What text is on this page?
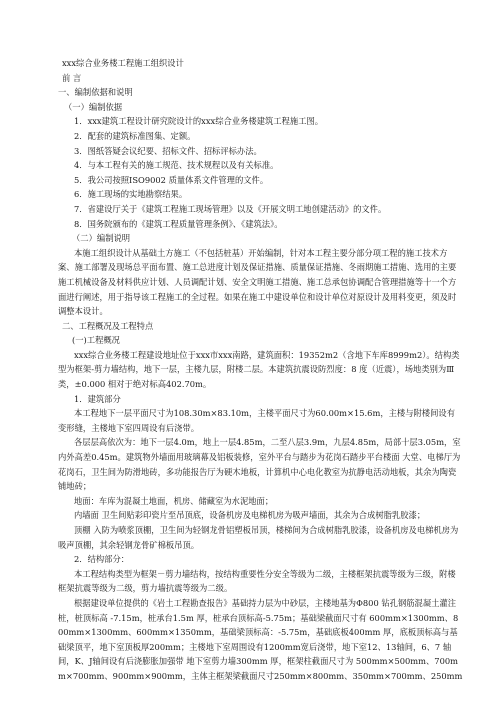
xxx综合业务楼工程施工组织设计

前 言

一、编制依据和说明

（一）编制依据

1．xxx建筑工程设计研究院设计的xxx综合业务楼建筑工程施工图。

2．配套的建筑标准图集、定额。

3．图纸答疑会议纪要、招标文件、招标评标办法。

4．与本工程有关的施工规范、技术规程以及有关标准。

5．我公司按照ISO9002 质量体系文件管理的文件。

6．施工现场的实地勘察结果。

7．省建设厅关于《建筑工程施工现场管理》以及《开展文明工地创建活动》的文件。

8．国务院颁布的《建筑工程质量管理条例》、《建筑法》。

（二）编制说明

本施工组织设计从基础土方施工（不包括桩基）开始编制，针对本工程主要分部分项工程的施工技术方案、施工部署及现场总平面布置、施工总进度计划及保证措施、质量保证措施、冬雨期施工措施、选用的主要施工机械设备及材料供应计划、人员调配计划、安全文明施工措施、施工总承包协调配合管理措施等十一个方面进行阐述，用于指导该工程施工的全过程。如果在施工中建设单位和设计单位对原设计及用料变更，须及时调整本设计。

二、工程概况及工程特点

(一)工程概况

xxx综合业务楼工程建设地址位于xxx市xxx南路，建筑面积：19352m2（含地下车库8999m2）。结构类型为框架-剪力墙结构，地下一层，主楼九层，附楼二层。本建筑抗震设防烈度：8 度（近震），场地类别为Ⅲ类，±0.000 相对于绝对标高402.70m。

1．建筑部分

本工程地下一层平面尺寸为108.30m×83.10m，主楼平面尺寸为60.00m×15.6m，主楼与附楼间设有变形缝，主楼地下室四周设有后浇带。

各层层高依次为：地下一层4.0m，地上一层4.85m，二至八层3.9m，九层4.85m，局部十层3.05m，室内外高差0.45m。建筑物外墙面用玻璃幕及铝板装修，室外平台与踏步为花岗石踏步平台楼面 大堂、电梯厅为花岗石，卫生间为防滑地砖，多功能报告厅为硬木地板，计算机中心电化教室为抗静电活动地板，其余为陶瓷铺地砖；

地面：车库为混凝土地面，机房、储藏室为水泥地面；

内墙面 卫生间贴彩印瓷片至吊顶底，设备机房及电梯机房为吸声墙面，其余为合成树脂乳胶漆；

顶棚 入防为喷浆顶棚，卫生间为轻钢龙骨铝塑板吊顶，楼梯间为合成树脂乳胶漆，设备机房及电梯机房为吸声顶棚，其余轻钢龙骨矿棉板吊顶。

2．结构部分：

本工程结构类型为框架－剪力墙结构，按结构重要性分安全等级为二级，主楼框架抗震等级为三级，附楼框架抗震等级为二级，剪力墙抗震等级为二级。

根据建设单位提供的《岩土工程勘查报告》基础持力层为中砂层，主楼地基为Φ800 钻孔钢筋混凝土灌注桩，桩顶标高 -7.15m，桩承台1.5m 厚，桩承台顶标高-5.75m；基础梁截面尺寸有 600mm×1300mm、800mm×1300mm、600mm×1350mm，基础梁顶标高：-5.75m，基础底板400mm 厚，底板顶标高与基础梁顶平，地下室顶板厚200mm；主楼地下室周围设有1200mm宽后浇带，地下室12、13轴间，6、7 轴间，K、J轴间设有后浇膨胀加强带 地下室剪力墙300mm 厚，框架柱截面尺寸为 500mm×500mm、700mm×700mm、900mm×900mm，主体主框架梁截面尺寸250mm×800mm、350mm×700mm、250mm
